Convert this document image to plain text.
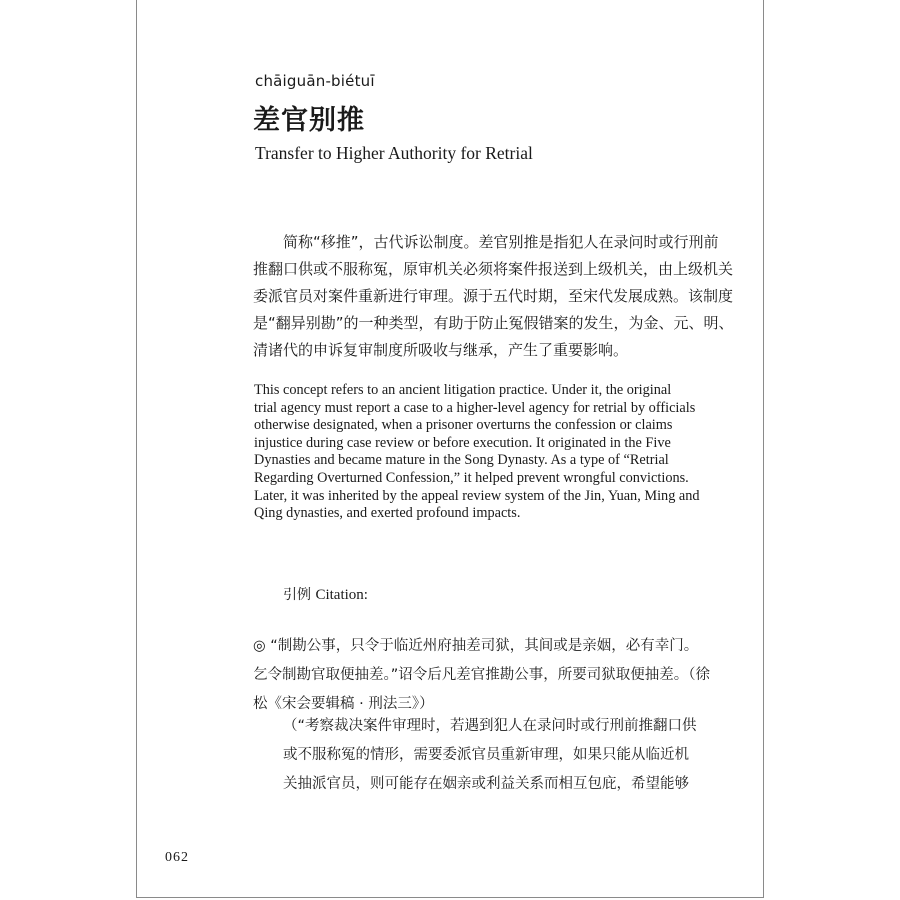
chāiguān-biétuī
差官别推
Transfer to Higher Authority for Retrial
简称“移推”，古代诉讼制度。差官别推是指犯人在录问时或行刑前
推翻口供或不服称冤，原审机关必须将案件报送到上级机关，由上级机关
委派官员对案件重新进行审理。源于五代时期，至宋代发展成熟。该制度
是“翻异别勘”的一种类型，有助于防止冤假错案的发生，为金、元、明、
清诸代的申诉复审制度所吸收与继承，产生了重要影响。
This concept refers to an ancient litigation practice. Under it, the original
trial agency must report a case to a higher-level agency for retrial by officials
otherwise designated, when a prisoner overturns the confession or claims
injustice during case review or before execution. It originated in the Five
Dynasties and became mature in the Song Dynasty. As a type of “Retrial
Regarding Overturned Confession,” it helped prevent wrongful convictions.
Later, it was inherited by the appeal review system of the Jin, Yuan, Ming and
Qing dynasties, and exerted profound impacts.
引例 Citation:
◎ “制勘公事，只令于临近州府抽差司狱，其间或是亲姻，必有幸门。
乞令制勘官取便抽差。”诏令后凡差官推勘公事，所要司狱取便抽差。（徐
松《宋会要辑稿 · 刑法三》）
（“考察裁决案件审理时，若遇到犯人在录问时或行刑前推翻口供
或不服称冤的情形，需要委派官员重新审理，如果只能从临近机
关抽派官员，则可能存在姻亲或利益关系而相互包庇，希望能够
062
